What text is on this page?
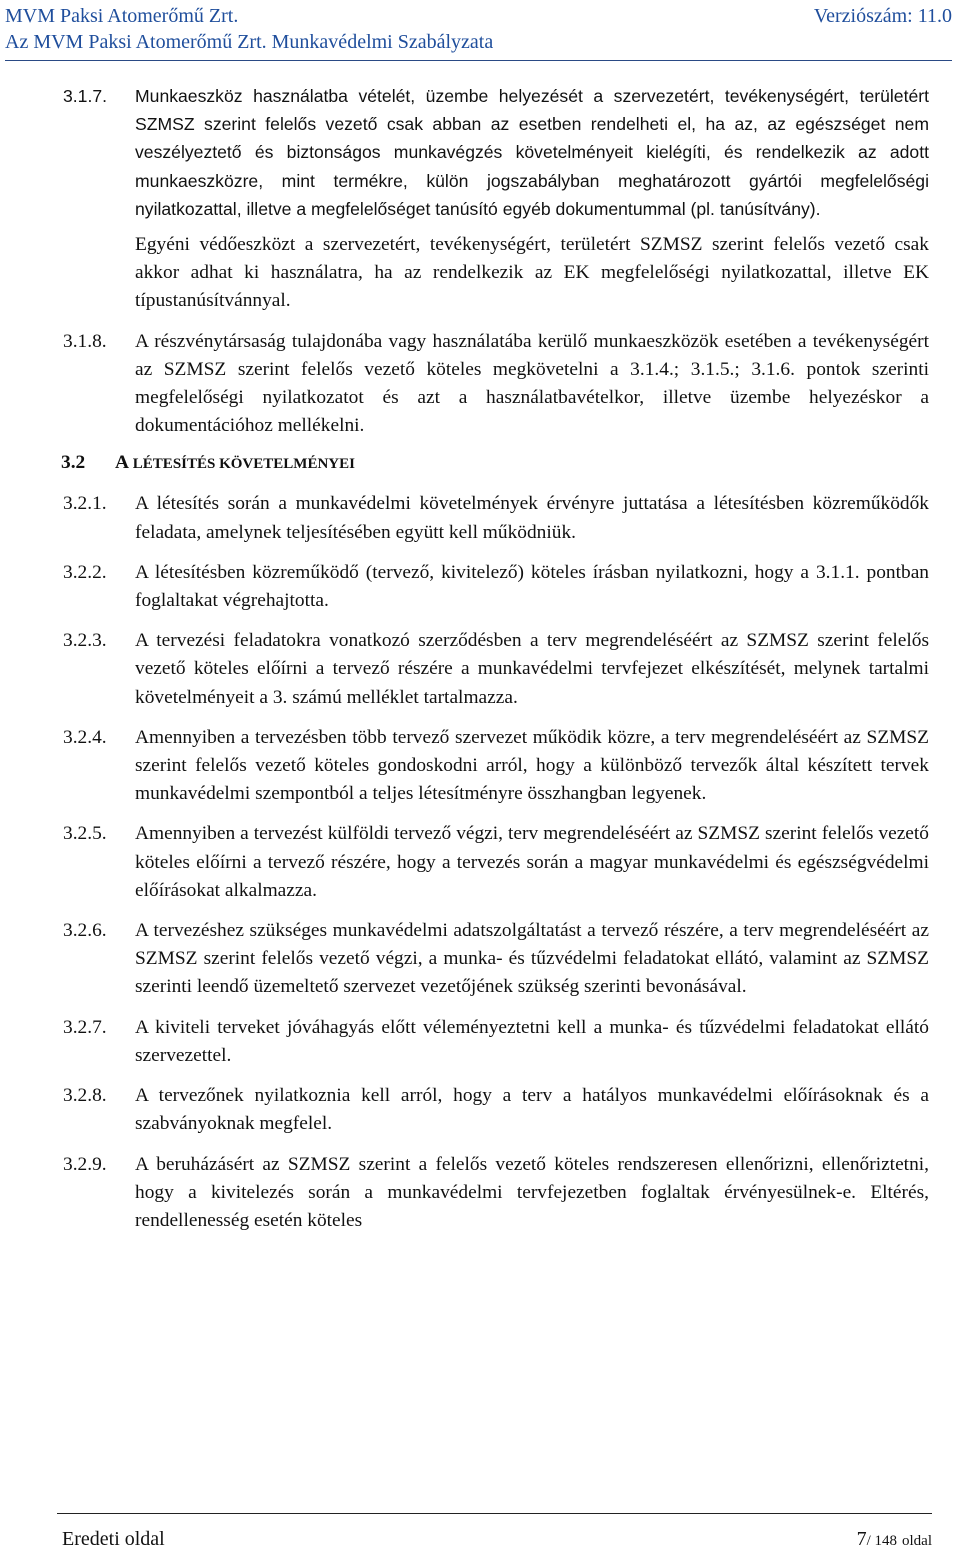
MVM Paksi Atomerőmű Zrt.	Verziószám: 11.0
Az MVM Paksi Atomerőmű Zrt. Munkavédelmi Szabályzata
3.1.7. Munkaeszköz használatba vételét, üzembe helyezését a szervezetért, tevékenységért, területért SZMSZ szerint felelős vezető csak abban az esetben rendelheti el, ha az, az egészséget nem veszélyeztető és biztonságos munkavégzés követelményeit kielégíti, és rendelkezik az adott munkaeszközre, mint termékre, külön jogszabályban meghatározott gyártói megfelelőségi nyilatkozattal, illetve a megfelelőséget tanúsító egyéb dokumentummal (pl. tanúsítvány).
Egyéni védőeszközt a szervezetért, tevékenységért, területért SZMSZ szerint felelős vezető csak akkor adhat ki használatra, ha az rendelkezik az EK megfelelőségi nyilatkozattal, illetve EK típustanúsítvánnyal.
3.1.8. A részvénytársaság tulajdonába vagy használatába kerülő munkaeszközök esetében a tevékenységért az SZMSZ szerint felelős vezető köteles megkövetelni a 3.1.4.; 3.1.5.; 3.1.6. pontok szerinti megfelelőségi nyilatkozatot és azt a használatbavételkor, illetve üzembe helyezéskor a dokumentációhoz mellékelni.
3.2 A LÉTESÍTÉS KÖVETELMÉNYEI
3.2.1. A létesítés során a munkavédelmi követelmények érvényre juttatása a létesítésben közreműködők feladata, amelynek teljesítésében együtt kell működniük.
3.2.2. A létesítésben közreműködő (tervező, kivitelező) köteles írásban nyilatkozni, hogy a 3.1.1. pontban foglaltakat végrehajtotta.
3.2.3. A tervezési feladatokra vonatkozó szerződésben a terv megrendeléséért az SZMSZ szerint felelős vezető köteles előírni a tervező részére a munkavédelmi tervfejezet elkészítését, melynek tartalmi követelményeit a 3. számú melléklet tartalmazza.
3.2.4. Amennyiben a tervezésben több tervező szervezet működik közre, a terv megrendeléséért az SZMSZ szerint felelős vezető köteles gondoskodni arról, hogy a különböző tervezők által készített tervek munkavédelmi szempontból a teljes létesítményre összhangban legyenek.
3.2.5. Amennyiben a tervezést külföldi tervező végzi, terv megrendeléséért az SZMSZ szerint felelős vezető köteles előírni a tervező részére, hogy a tervezés során a magyar munkavédelmi és egészségvédelmi előírásokat alkalmazza.
3.2.6. A tervezéshez szükséges munkavédelmi adatszolgáltatást a tervező részére, a terv megrendeléséért az SZMSZ szerint felelős vezető végzi, a munka- és tűzvédelmi feladatokat ellátó, valamint az SZMSZ szerinti leendő üzemeltető szervezet vezetőjének szükség szerinti bevonásával.
3.2.7. A kiviteli terveket jóváhagyás előtt véleményeztetni kell a munka- és tűzvédelmi feladatokat ellátó szervezettel.
3.2.8. A tervezőnek nyilatkoznia kell arról, hogy a terv a hatályos munkavédelmi előírásoknak és a szabványoknak megfelel.
3.2.9. A beruházásért az SZMSZ szerint a felelős vezető köteles rendszeresen ellenőrizni, ellenőriztetni, hogy a kivitelezés során a munkavédelmi tervfejezetben foglaltak érvényesülnek-e. Eltérés, rendellenesség esetén köteles
Eredeti oldal	7/ 148 oldal
